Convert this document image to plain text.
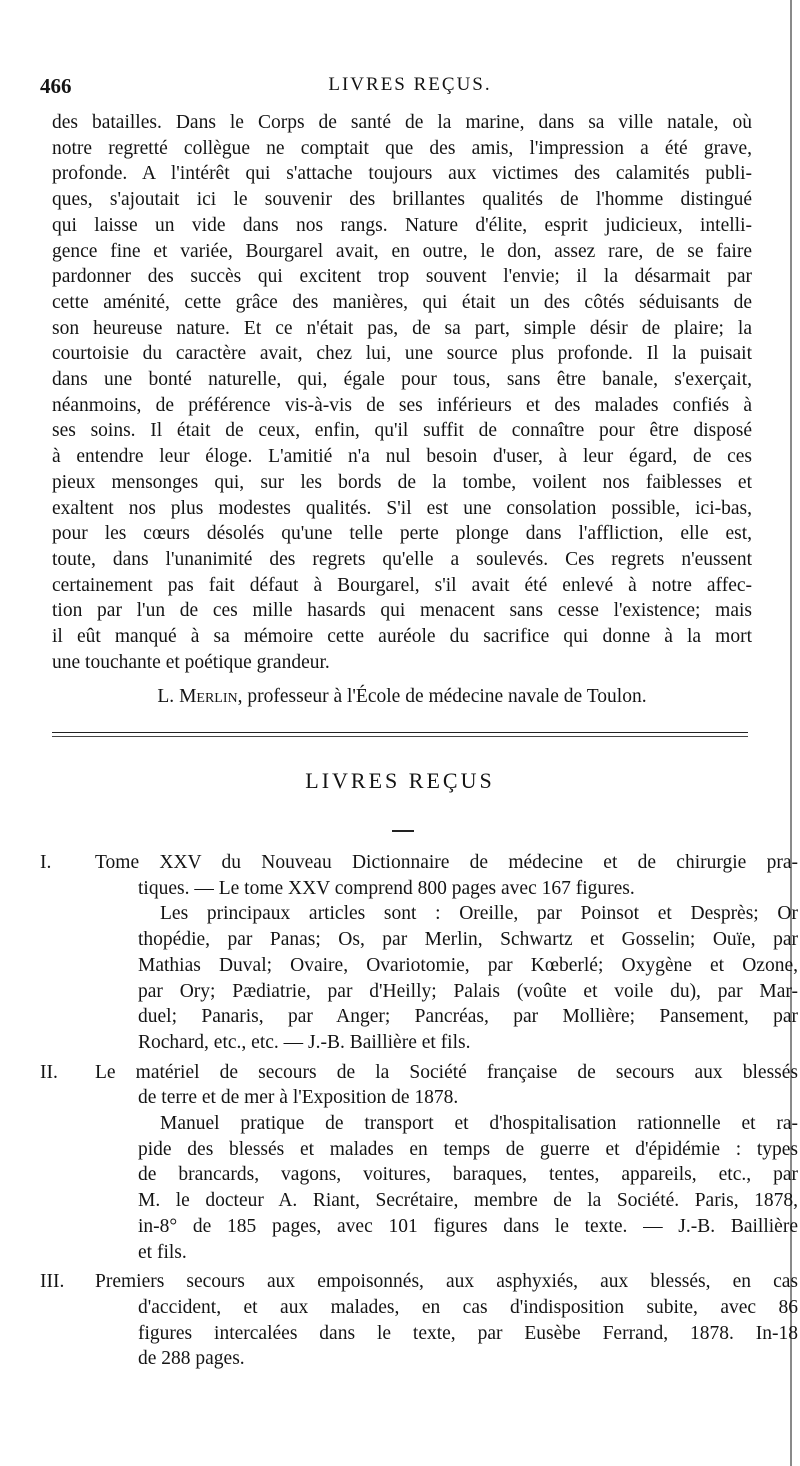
466	LIVRES REÇUS.
des batailles. Dans le Corps de santé de la marine, dans sa ville natale, où
notre regretté collègue ne comptait que des amis, l'impression a été grave,
profonde. A l'intérêt qui s'attache toujours aux victimes des calamités publi-
ques, s'ajoutait ici le souvenir des brillantes qualités de l'homme distingué
qui laisse un vide dans nos rangs. Nature d'élite, esprit judicieux, intelli-
gence fine et variée, Bourgarel avait, en outre, le don, assez rare, de se faire
pardonner des succès qui excitent trop souvent l'envie; il la désarmait par
cette aménité, cette grâce des manières, qui était un des côtés séduisants de
son heureuse nature. Et ce n'était pas, de sa part, simple désir de plaire; la
courtoisie du caractère avait, chez lui, une source plus profonde. Il la puisait
dans une bonté naturelle, qui, égale pour tous, sans être banale, s'exerçait,
néanmoins, de préférence vis-à-vis de ses inférieurs et des malades confiés à
ses soins. Il était de ceux, enfin, qu'il suffit de connaître pour être disposé
à entendre leur éloge. L'amitié n'a nul besoin d'user, à leur égard, de ces
pieux mensonges qui, sur les bords de la tombe, voilent nos faiblesses et
exaltent nos plus modestes qualités. S'il est une consolation possible, ici-bas,
pour les cœurs désolés qu'une telle perte plonge dans l'affliction, elle est,
toute, dans l'unanimité des regrets qu'elle a soulevés. Ces regrets n'eussent
certainement pas fait défaut à Bourgarel, s'il avait été enlevé à notre affec-
tion par l'un de ces mille hasards qui menacent sans cesse l'existence; mais
il eût manqué à sa mémoire cette auréole du sacrifice qui donne à la mort
une touchante et poétique grandeur.
L. Merlin, professeur à l'École de médecine navale de Toulon.
LIVRES REÇUS
I.	Tome XXV du Nouveau Dictionnaire de médecine et de chirurgie pra-
tiques. — Le tome XXV comprend 800 pages avec 167 figures.
Les principaux articles sont : Oreille, par Poinsot et Desprès; Or
thopédie, par Panas; Os, par Merlin, Schwartz et Gosselin; Ouïe, par
Mathias Duval; Ovaire, Ovariotomie, par Kœberlé; Oxygène et Ozone,
par Ory; Pædiatrie, par d'Heilly; Palais (voûte et voile du), par Mar-
duel; Panaris, par Anger; Pancréas, par Mollière; Pansement, par
Rochard, etc., etc. — J.-B. Baillière et fils.
II.	Le matériel de secours de la Société française de secours aux blessés
de terre et de mer à l'Exposition de 1878.
Manuel pratique de transport et d'hospitalisation rationnelle et ra-
pide des blessés et malades en temps de guerre et d'épidémie : types
de brancards, vagons, voitures, baraques, tentes, appareils, etc., par
M. le docteur A. Riant, Secrétaire, membre de la Société. Paris, 1878,
in-8° de 185 pages, avec 101 figures dans le texte. — J.-B. Baillière
et fils.
III.	Premiers secours aux empoisonnés, aux asphyxiés, aux blessés, en cas
d'accident, et aux malades, en cas d'indisposition subite, avec 86
figures intercalées dans le texte, par Eusèbe Ferrand, 1878. In-18
de 288 pages.
